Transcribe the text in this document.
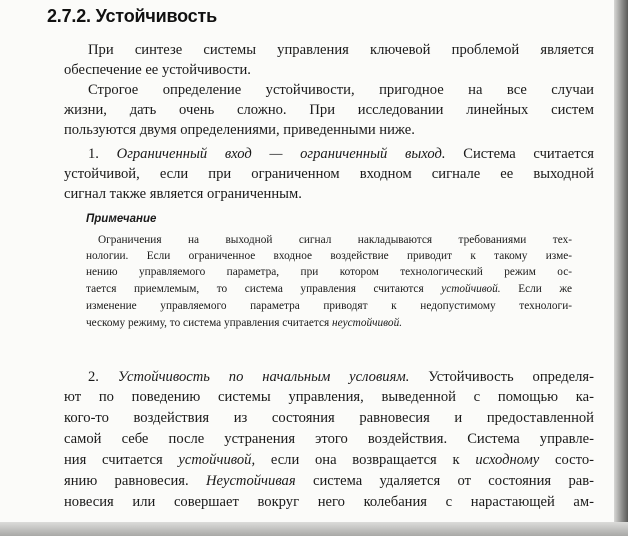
2.7.2. Устойчивость

При синтезе системы управления ключевой проблемой является

обеспечение ее устойчивости.

Строгое определение устойчивости, пригодное на все случаи

жизни, дать очень сложно. При исследовании линейных систем

пользуются двумя определениями, приведенными ниже.

1. Ограниченный вход — ограниченный выход. Система считается

устойчивой, если при ограниченном входном сигнале ее выходной

сигнал также является ограниченным.

Примечание

Ограничения на выходной сигнал накладываются требованиями тех-

нологии. Если ограниченное входное воздействие приводит к такому изме-

нению управляемого параметра, при котором технологический режим ос-

тается приемлемым, то система управления считаются устойчивой. Если же

изменение управляемого параметра приводят к недопустимому технологи-

ческому режиму, то система управления считается неустойчивой.

2. Устойчивость по начальным условиям. Устойчивость определя-

ют по поведению системы управления, выведенной с помощью ка-

кого-то воздействия из состояния равновесия и предоставленной

самой себе после устранения этого воздействия. Система управле-

ния считается устойчивой, если она возвращается к исходному состо-

янию равновесия. Неустойчивая система удаляется от состояния рав-

новесия или совершает вокруг него колебания с нарастающей ам-
